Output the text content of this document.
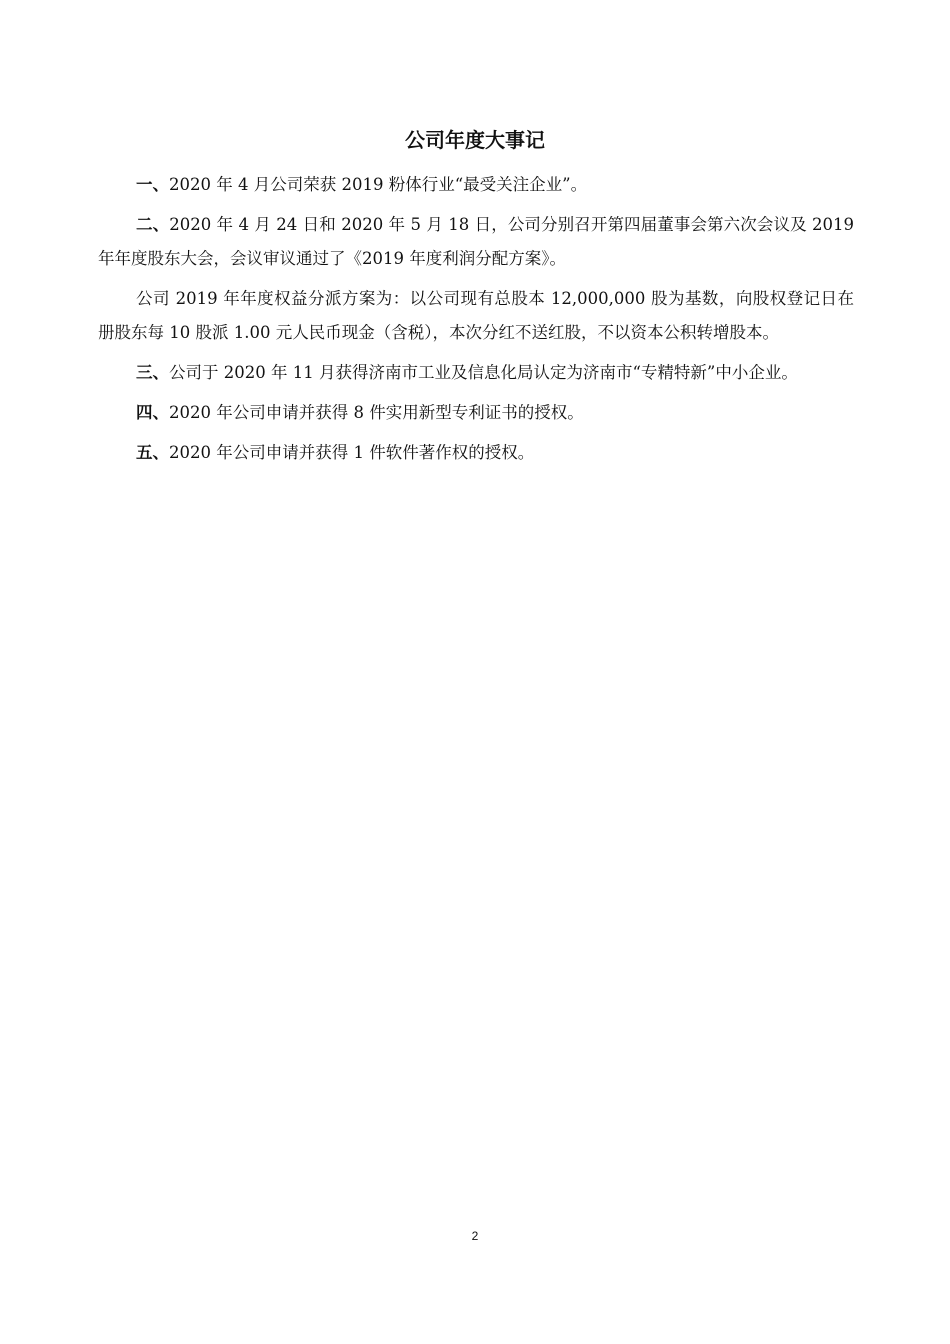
公司年度大事记

一、2020 年 4 月公司荣获 2019 粉体行业“最受关注企业”。

二、2020 年 4 月 24 日和 2020 年 5 月 18 日，公司分别召开第四届董事会第六次会议及 2019 年年度股东大会，会议审议通过了《2019 年度利润分配方案》。

公司 2019 年年度权益分派方案为：以公司现有总股本 12,000,000 股为基数，向股权登记日在册股东每 10 股派 1.00 元人民币现金（含税），本次分红不送红股，不以资本公积转增股本。

三、公司于 2020 年 11 月获得济南市工业及信息化局认定为济南市“专精特新”中小企业。

四、2020 年公司申请并获得 8 件实用新型专利证书的授权。

五、2020 年公司申请并获得 1 件软件著作权的授权。

2
